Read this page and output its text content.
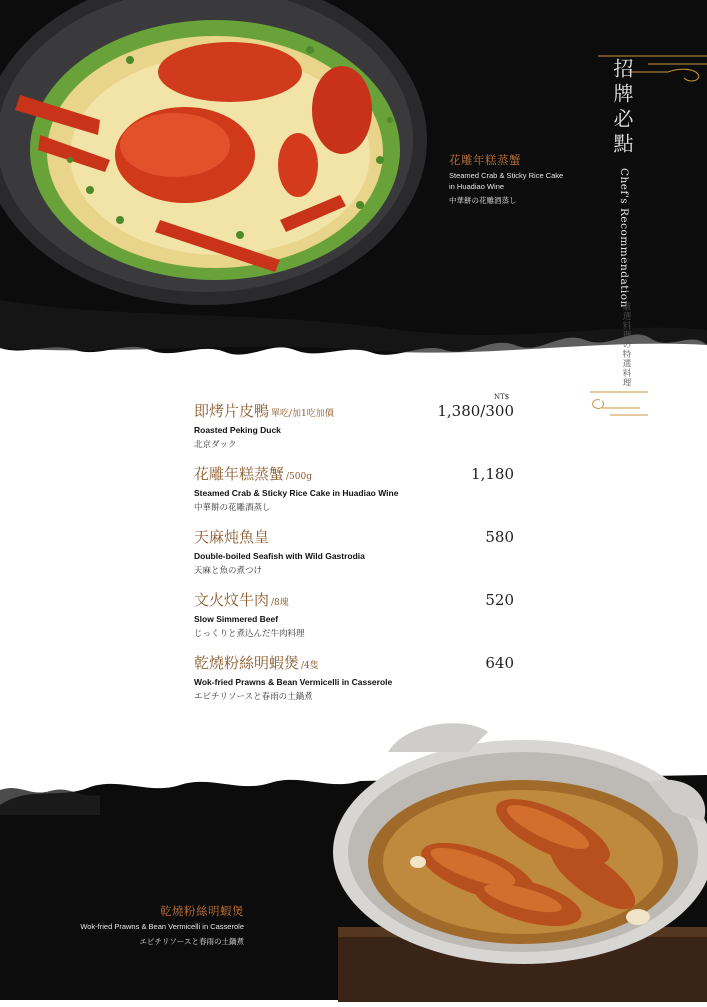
花雕年糕蒸蟹
Steamed Crab & Sticky Rice Cake
in Huadiao Wine
中華餅の花雕酒蒸し
招牌必點
Chef's Recommendation
厳選料理の特選料理
NT$
即烤片皮鴨 單吃/加1吃加價	1,380/300
Roasted Peking Duck
北京ダック
花雕年糕蒸蟹 /500g	1,180
Steamed Crab & Sticky Rice Cake in Huadiao Wine
中華餅の花雕酒蒸し
天麻炖魚皇	580
Double-boiled Seafish with Wild Gastrodia
天麻と魚の煮つけ
文火炆牛肉 /8塊	520
Slow Simmered Beef
じっくりと煮込んだ牛肉料理
乾燒粉絲明蝦煲 /4隻	640
Wok-fried Prawns & Bean Vermicelli in Casserole
エビチリソースと春雨の土鍋煮
乾燒粉絲明蝦煲
Wok-fried Prawns & Bean Vermicelli in Casserole
エビチリソースと春雨の土鍋煮
